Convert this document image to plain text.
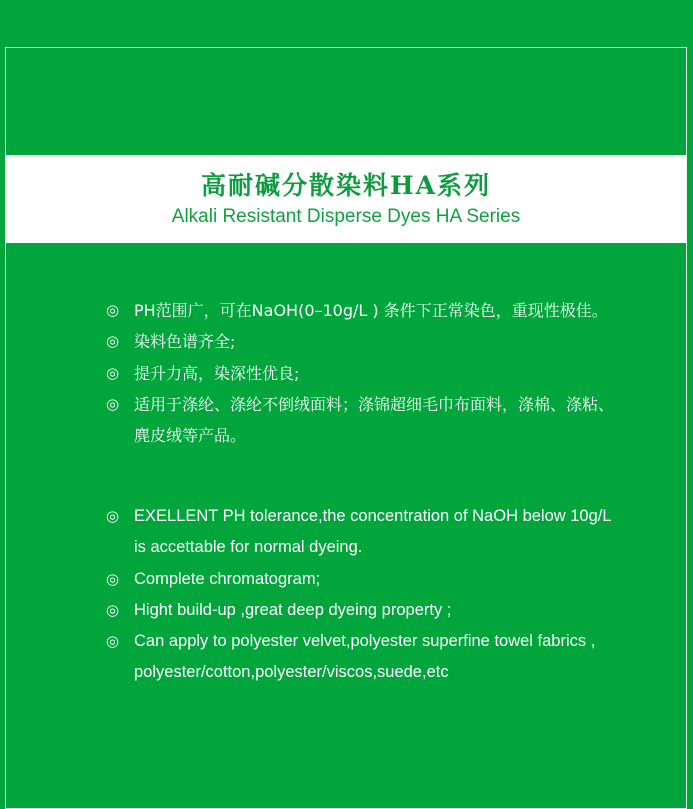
高耐碱分散染料HA系列
Alkali Resistant Disperse Dyes HA Series
◎ PH范围广，可在NaOH(0–10g/L ) 条件下正常染色，重现性极佳。
◎ 染料色谱齐全;
◎ 提升力高，染深性优良;
◎ 适用于涤纶、涤纶不倒绒面料；涤锦超细毛巾布面料，涤棉、涤粘、麂皮绒等产品。
◎ EXELLENT PH tolerance,the concentration of NaOH below 10g/L is accettable for normal dyeing.
◎ Complete chromatogram;
◎ Hight build-up ,great deep dyeing property ;
◎ Can apply to polyester velvet,polyester superfine towel fabrics , polyester/cotton,polyester/viscos,suede,etc
